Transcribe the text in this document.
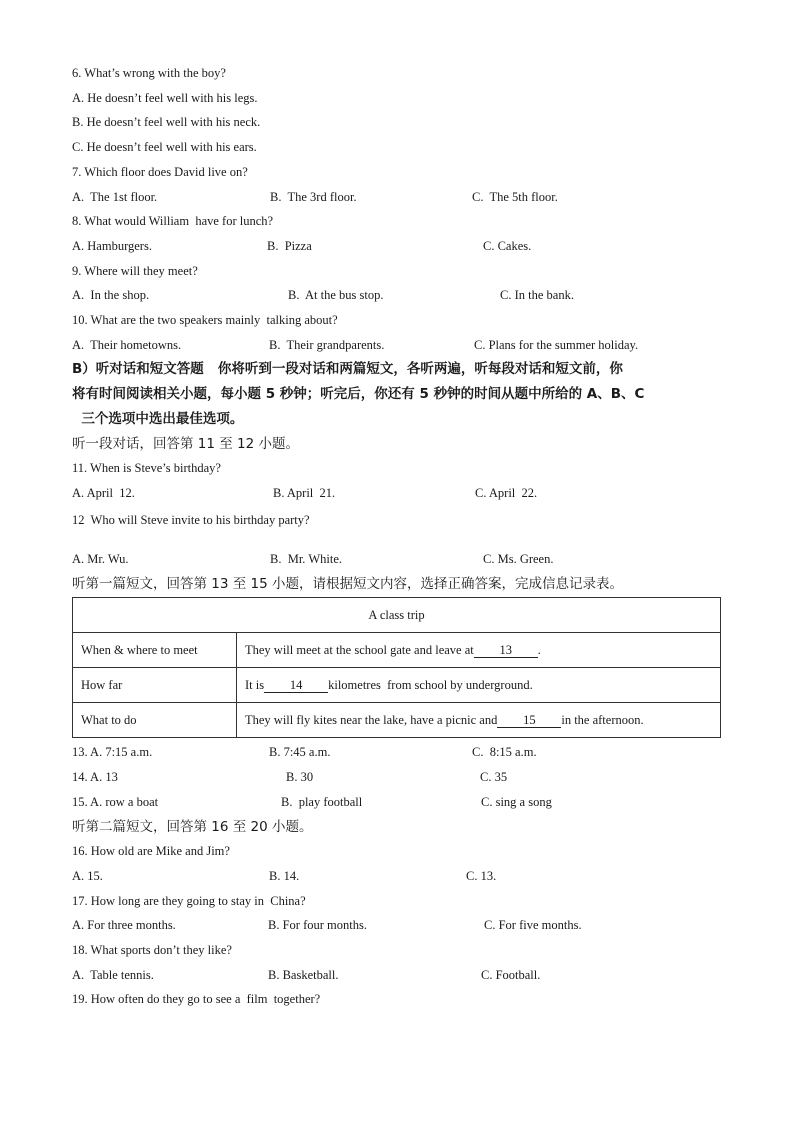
6. What’s wrong with the boy?
A. He doesn’t feel well with his legs.
B. He doesn’t feel well with his neck.
C. He doesn’t feel well with his ears.
7. Which floor does David live on?
A.  The 1st floor.	B.  The 3rd floor.	C.  The 5th floor.
8. What would William  have for lunch?
A. Hamburgers.	B.  Pizza	C. Cakes.
9. Where will they meet?
A.  In the shop.	B.  At the bus stop.	C. In the bank.
10. What are the two speakers mainly  talking about?
A.  Their hometowns.	B.  Their grandparents.	C. Plans for the summer holiday.
B）听对话和短文答题   你将听到一段对话和两篇短文，各听两遍，听每段对话和短文前，你
将有时间阅读相关小题，每小题 5 秒钟；听完后，你还有 5 秒钟的时间从题中所给的 A、B、C
三个选项中选出最佳选项。
听一段对话，回答第 11 至 12 小题。
11. When is Steve’s birthday?
A. April  12.	B. April  21.	C. April  22.
12  Who will Steve invite to his birthday party?
A. Mr. Wu.	B.  Mr. White.	C. Ms. Green.
听第一篇短文，回答第 13 至 15 小题，请根据短文内容，选择正确答案，完成信息记录表。
A class trip	
When & where to meet	They will meet at the school gate and leave at 13 .
How far	It is 14 kilometres  from school by underground.
What to do	They will fly kites near the lake, have a picnic and 15 in the afternoon.
13. A. 7:15 a.m.	B. 7:45 a.m.	C.  8:15 a.m.
14. A. 13	B. 30	C. 35
15. A. row a boat	B.  play football	C. sing a song
听第二篇短文，回答第 16 至 20 小题。
16. How old are Mike and Jim?
A. 15.	B. 14.	C. 13.
17. How long are they going to stay in  China?
A. For three months.	B. For four months.	C. For five months.
18. What sports don’t they like?
A.  Table tennis.	B. Basketball.	C. Football.
19. How often do they go to see a  film  together?
